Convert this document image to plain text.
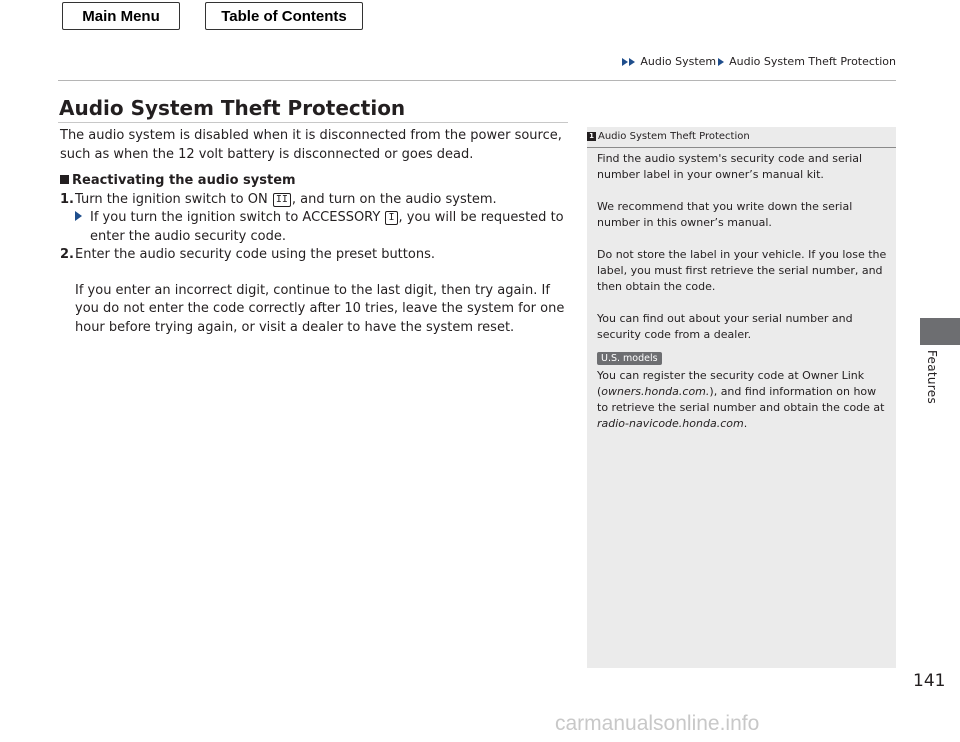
Main Menu	Table of Contents
Audio System Audio System Theft Protection
Audio System Theft Protection

The audio system is disabled when it is disconnected from the power source, such as when the 12 volt battery is disconnected or goes dead.

Reactivating the audio system

1.Turn the ignition switch to ON II , and turn on the audio system.

If you turn the ignition switch to ACCESSORY I , you will be requested to enter the audio security code.

2.Enter the audio security code using the preset buttons.

If you enter an incorrect digit, continue to the last digit, then try again. If you do not enter the code correctly after 10 tries, leave the system for one hour before trying again, or visit a dealer to have the system reset.

1 Audio System Theft Protection

Find the audio system's security code and serial number label in your owner’s manual kit.

We recommend that you write down the serial number in this owner’s manual.

Do not store the label in your vehicle. If you lose the label, you must first retrieve the serial number, and then obtain the code.

You can find out about your serial number and security code from a dealer.

U.S. models

You can register the security code at Owner Link (owners.honda.com.), and find information on how to retrieve the serial number and obtain the code at radio-navicode.honda.com.

Features
141
carmanualsonline.info
